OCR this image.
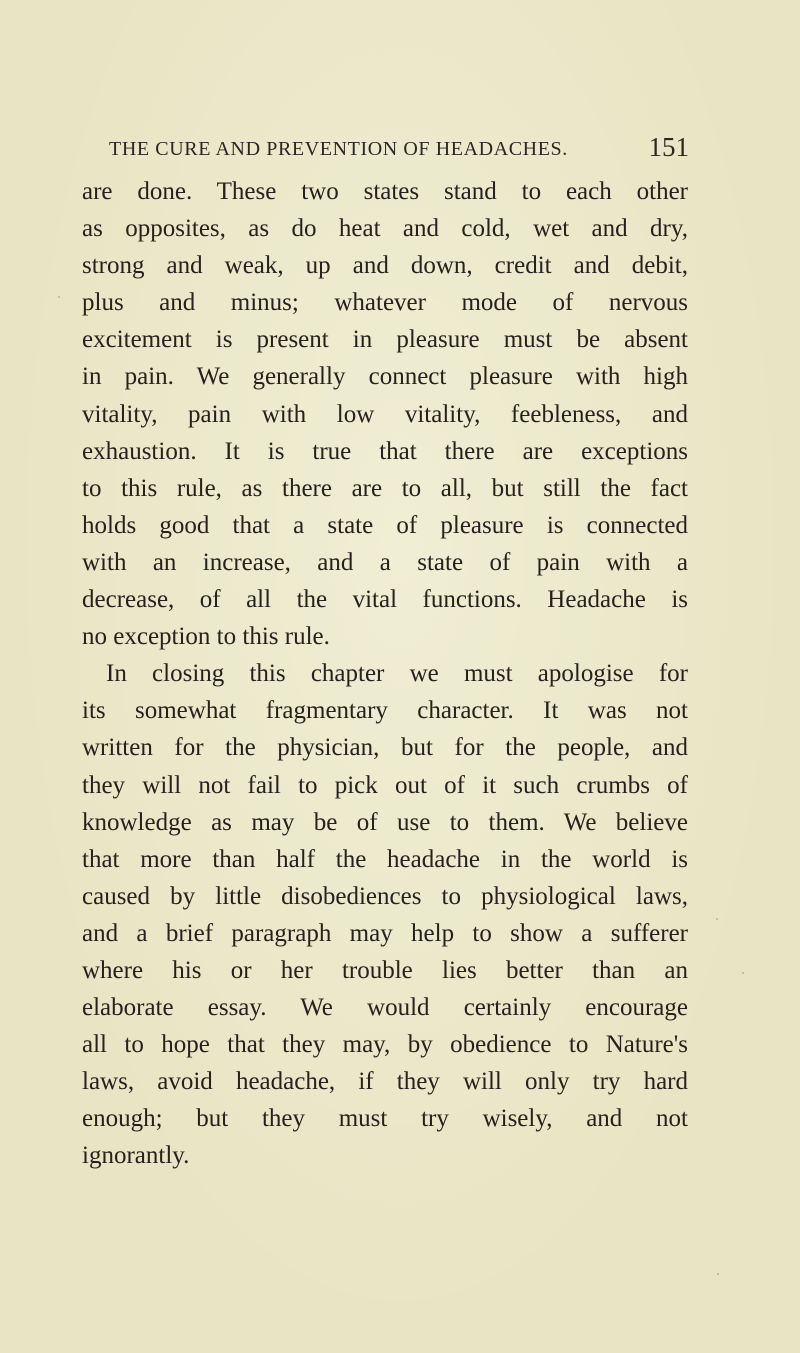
THE CURE AND PREVENTION OF HEADACHES.	151
are done. These two states stand to each other
as opposites, as do heat and cold, wet and dry,
strong and weak, up and down, credit and debit,
plus and minus; whatever mode of nervous
excitement is present in pleasure must be absent
in pain. We generally connect pleasure with high
vitality, pain with low vitality, feebleness, and
exhaustion. It is true that there are exceptions
to this rule, as there are to all, but still the fact
holds good that a state of pleasure is connected
with an increase, and a state of pain with a
decrease, of all the vital functions. Headache is
no exception to this rule.
In closing this chapter we must apologise for
its somewhat fragmentary character. It was not
written for the physician, but for the people, and
they will not fail to pick out of it such crumbs of
knowledge as may be of use to them. We believe
that more than half the headache in the world is
caused by little disobediences to physiological laws,
and a brief paragraph may help to show a sufferer
where his or her trouble lies better than an
elaborate essay. We would certainly encourage
all to hope that they may, by obedience to Nature's
laws, avoid headache, if they will only try hard
enough; but they must try wisely, and not
ignorantly.
